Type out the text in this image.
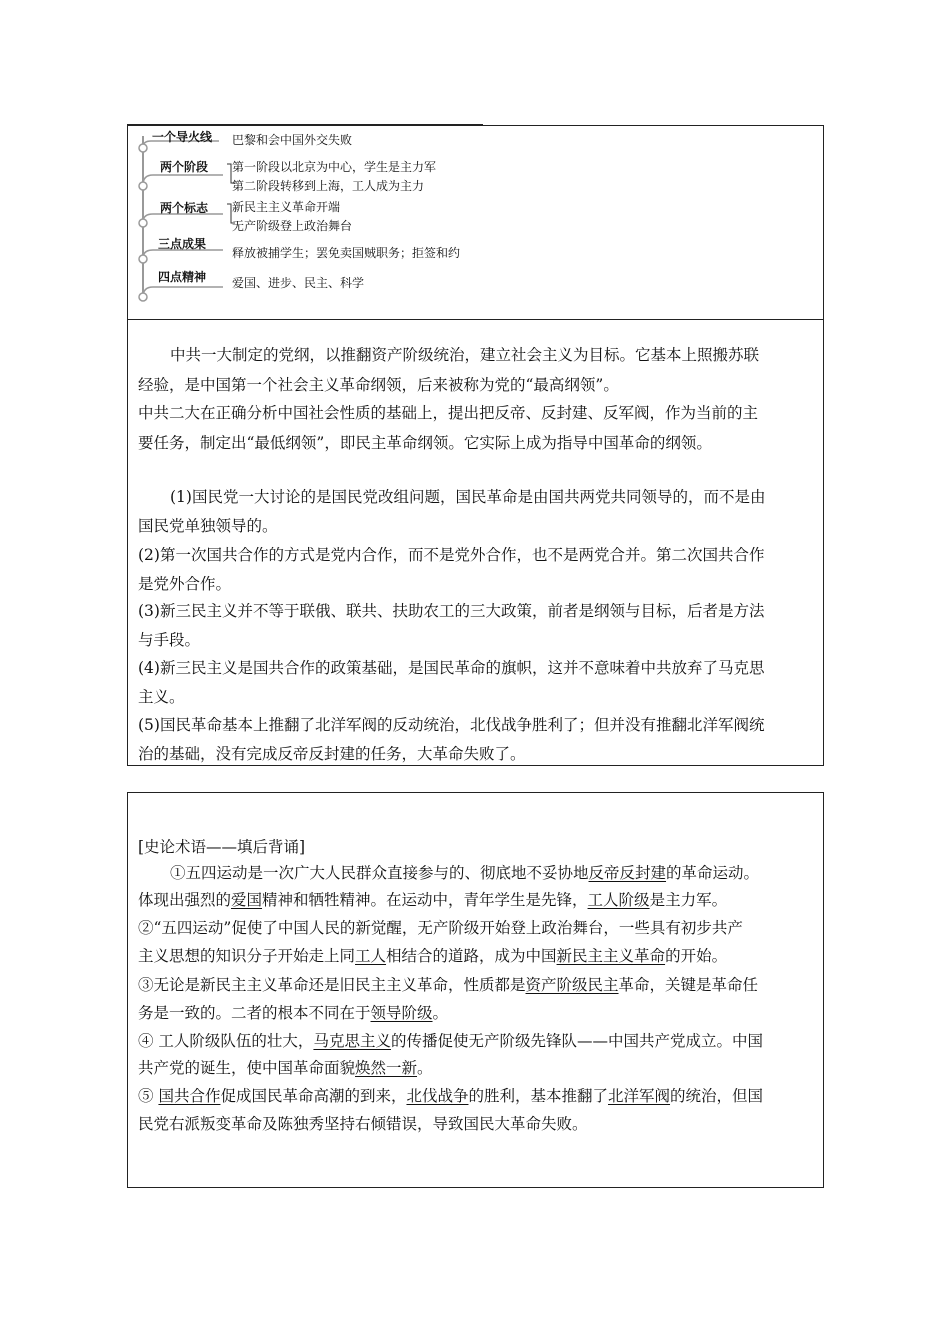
一个导火线 巴黎和会中国外交失败
两个阶段 第一阶段以北京为中心，学生是主力军
第二阶段转移到上海，工人成为主力
两个标志 新民主主义革命开端
无产阶级登上政治舞台
三点成果
释放被捕学生；罢免卖国贼职务；拒签和约
四点精神 爱国、进步、民主、科学
中共一大制定的党纲，以推翻资产阶级统治，建立社会主义为目标。它基本上照搬苏联
经验，是中国第一个社会主义革命纲领，后来被称为党的“最高纲领”。
中共二大在正确分析中国社会性质的基础上，提出把反帝、反封建、反军阀，作为当前的主
要任务，制定出“最低纲领”，即民主革命纲领。它实际上成为指导中国革命的纲领。
(1)国民党一大讨论的是国民党改组问题，国民革命是由国共两党共同领导的，而不是由
国民党单独领导的。
(2)第一次国共合作的方式是党内合作，而不是党外合作，也不是两党合并。第二次国共合作
是党外合作。
(3)新三民主义并不等于联俄、联共、扶助农工的三大政策，前者是纲领与目标，后者是方法
与手段。
(4)新三民主义是国共合作的政策基础，是国民革命的旗帜，这并不意味着中共放弃了马克思
主义。
(5)国民革命基本上推翻了北洋军阀的反动统治，北伐战争胜利了；但并没有推翻北洋军阀统
治的基础，没有完成反帝反封建的任务，大革命失败了。
[史论术语——填后背诵]
①五四运动是一次广大人民群众直接参与的、彻底地不妥协地反帝反封建的革命运动。
体现出强烈的爱国精神和牺牲精神。在运动中，青年学生是先锋，工人阶级是主力军。
②“五四运动”促使了中国人民的新觉醒，无产阶级开始登上政治舞台，一些具有初步共产
主义思想的知识分子开始走上同工人相结合的道路，成为中国新民主主义革命的开始。
③无论是新民主主义革命还是旧民主主义革命，性质都是资产阶级民主革命，关键是革命任
务是一致的。二者的根本不同在于领导阶级。
④ 工人阶级队伍的壮大，马克思主义的传播促使无产阶级先锋队——中国共产党成立。中国
共产党的诞生，使中国革命面貌焕然一新。
⑤ 国共合作促成国民革命高潮的到来，北伐战争的胜利，基本推翻了北洋军阀的统治，但国
民党右派叛变革命及陈独秀坚持右倾错误，导致国民大革命失败。
